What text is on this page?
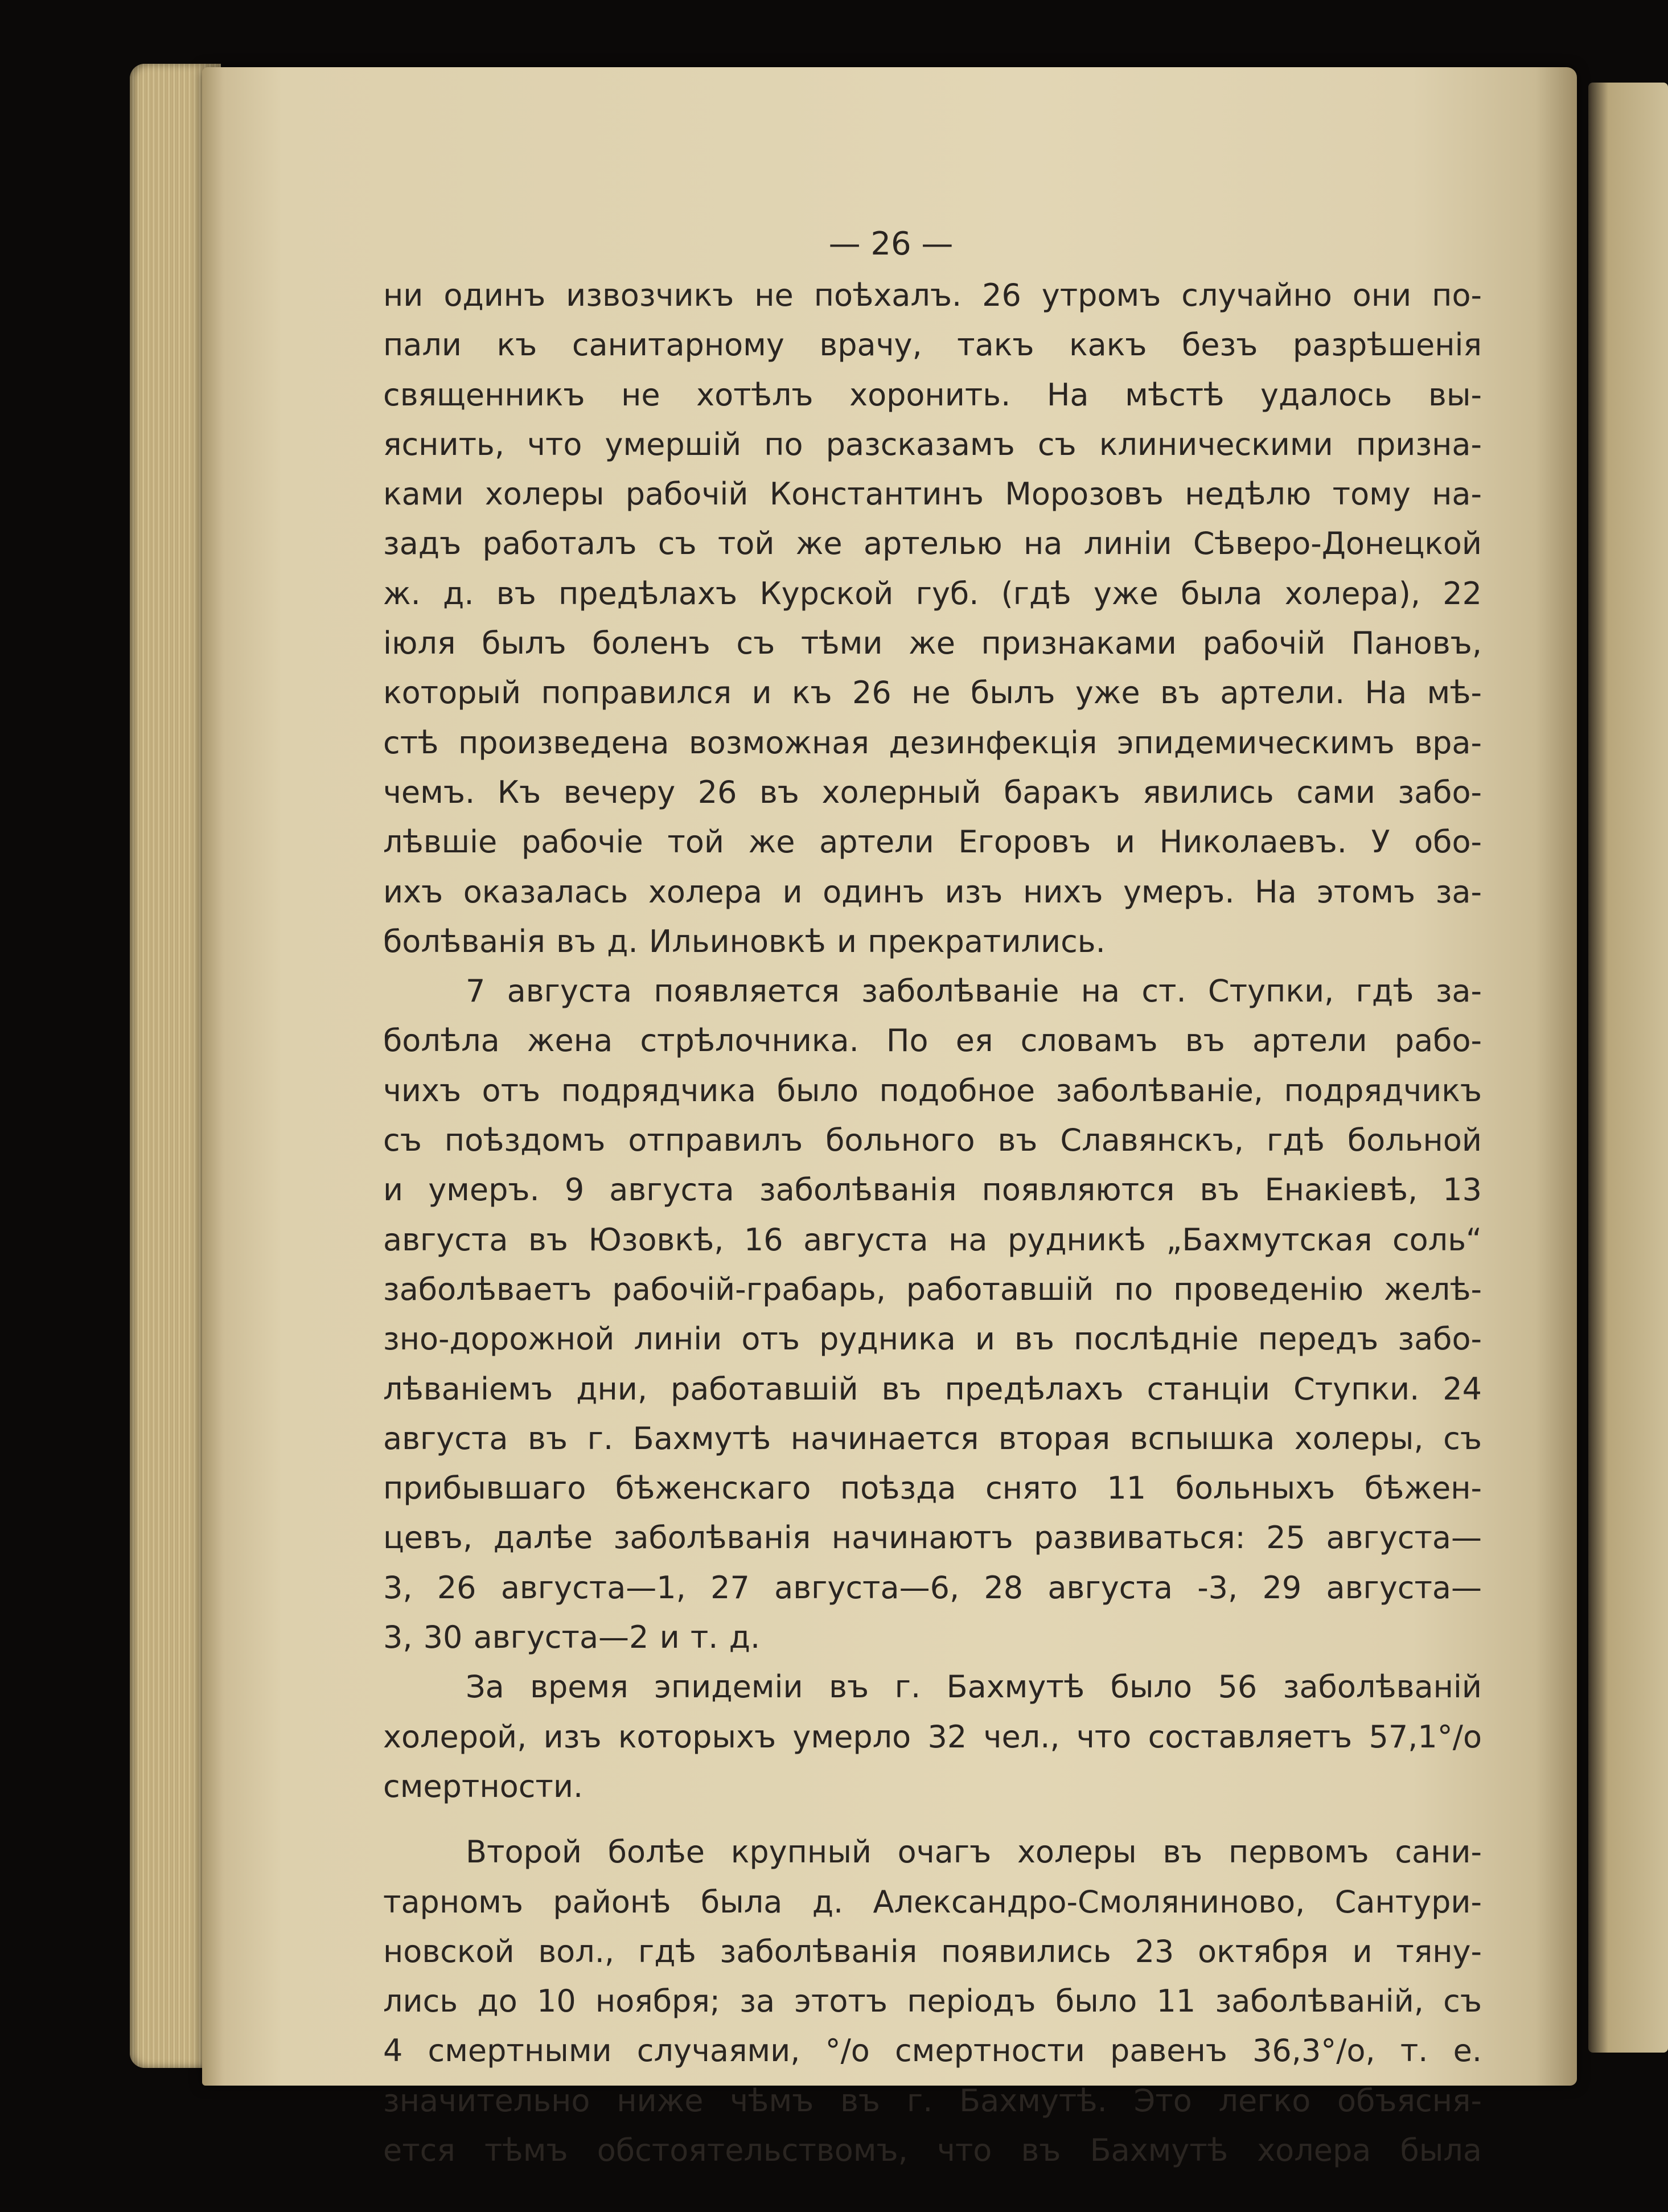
— 26 —
ни одинъ извозчикъ не поѣхалъ. 26 утромъ случайно они по-
пали къ санитарному врачу, такъ какъ безъ разрѣшенія
священникъ не хотѣлъ хоронить. На мѣстѣ удалось вы-
яснить, что умершій по разсказамъ съ клиническими призна-
ками холеры рабочій Константинъ Морозовъ недѣлю тому на-
задъ работалъ съ той же артелью на линіи Сѣверо-Донецкой
ж. д. въ предѣлахъ Курской губ. (гдѣ уже была холера), 22
іюля былъ боленъ съ тѣми же признаками рабочій Пановъ,
который поправился и къ 26 не былъ уже въ артели. На мѣ-
стѣ произведена возможная дезинфекція эпидемическимъ вра-
чемъ. Къ вечеру 26 въ холерный баракъ явились сами забо-
лѣвшіе рабочіе той же артели Егоровъ и Николаевъ. У обо-
ихъ оказалась холера и одинъ изъ нихъ умеръ. На этомъ за-
болѣванія въ д. Ильиновкѣ и прекратились.
7 августа появляется заболѣваніе на ст. Ступки, гдѣ за-
болѣла жена стрѣлочника. По ея словамъ въ артели рабо-
чихъ отъ подрядчика было подобное заболѣваніе, подрядчикъ
съ поѣздомъ отправилъ больного въ Славянскъ, гдѣ больной
и умеръ. 9 августа заболѣванія появляются въ Енакіевѣ, 13
августа въ Юзовкѣ, 16 августа на рудникѣ „Бахмутская соль“
заболѣваетъ рабочій-грабарь, работавшій по проведенію желѣ-
зно-дорожной линіи отъ рудника и въ послѣдніе передъ забо-
лѣваніемъ дни, работавшій въ предѣлахъ станціи Ступки. 24
августа въ г. Бахмутѣ начинается вторая вспышка холеры, съ
прибывшаго бѣженскаго поѣзда снято 11 больныхъ бѣжен-
цевъ, далѣе заболѣванія начинаютъ развиваться: 25 августа—
3, 26 августа—1, 27 августа—6, 28 августа -3, 29 августа—
3, 30 августа—2 и т. д.
За время эпидеміи въ г. Бахмутѣ было 56 заболѣваній
холерой, изъ которыхъ умерло 32 чел., что составляетъ 57,1°/о
смертности.
Второй болѣе крупный очагъ холеры въ первомъ сани-
тарномъ районѣ была д. Александро-Смоляниново, Сантури-
новской вол., гдѣ заболѣванія появились 23 октября и тяну-
лись до 10 ноября; за этотъ періодъ было 11 заболѣваній, съ
4 смертными случаями, °/о смертности равенъ 36,3°/о, т. е.
значительно ниже чѣмъ въ г. Бахмутѣ. Это легко объясня-
ется тѣмъ обстоятельствомъ, что въ Бахмутѣ холера была
